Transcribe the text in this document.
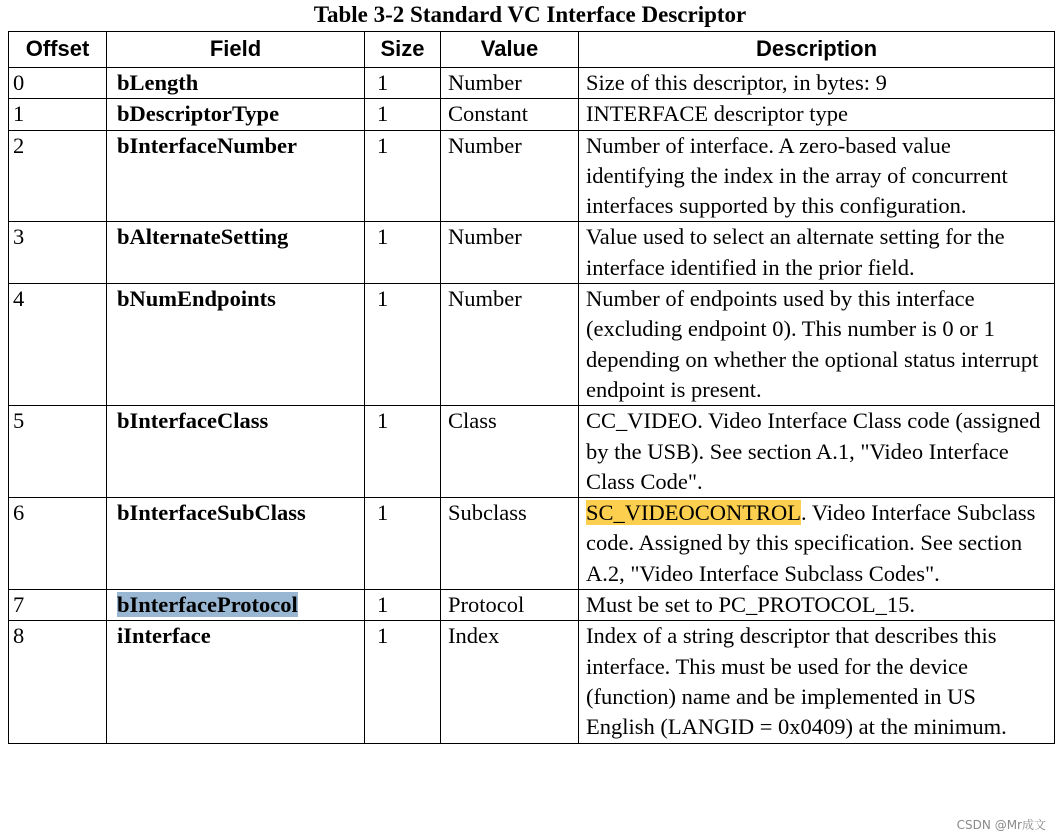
Table 3-2 Standard VC Interface Descriptor
Offset	Field	Size	Value	Description
0	bLength	1	Number	Size of this descriptor, in bytes: 9
1	bDescriptorType	1	Constant	INTERFACE descriptor type
2	bInterfaceNumber	1	Number	Number of interface. A zero-based value identifying the index in the array of concurrent interfaces supported by this configuration.
3	bAlternateSetting	1	Number	Value used to select an alternate setting for the interface identified in the prior field.
4	bNumEndpoints	1	Number	Number of endpoints used by this interface (excluding endpoint 0). This number is 0 or 1 depending on whether the optional status interrupt endpoint is present.
5	bInterfaceClass	1	Class	CC_VIDEO. Video Interface Class code (assigned by the USB). See section A.1, "Video Interface Class Code".
6	bInterfaceSubClass	1	Subclass	SC_VIDEOCONTROL. Video Interface Subclass code. Assigned by this specification. See section A.2, "Video Interface Subclass Codes".
7	bInterfaceProtocol	1	Protocol	Must be set to PC_PROTOCOL_15.
8	iInterface	1	Index	Index of a string descriptor that describes this interface. This must be used for the device (function) name and be implemented in US English (LANGID = 0x0409) at the minimum.
CSDN @Mr成文
